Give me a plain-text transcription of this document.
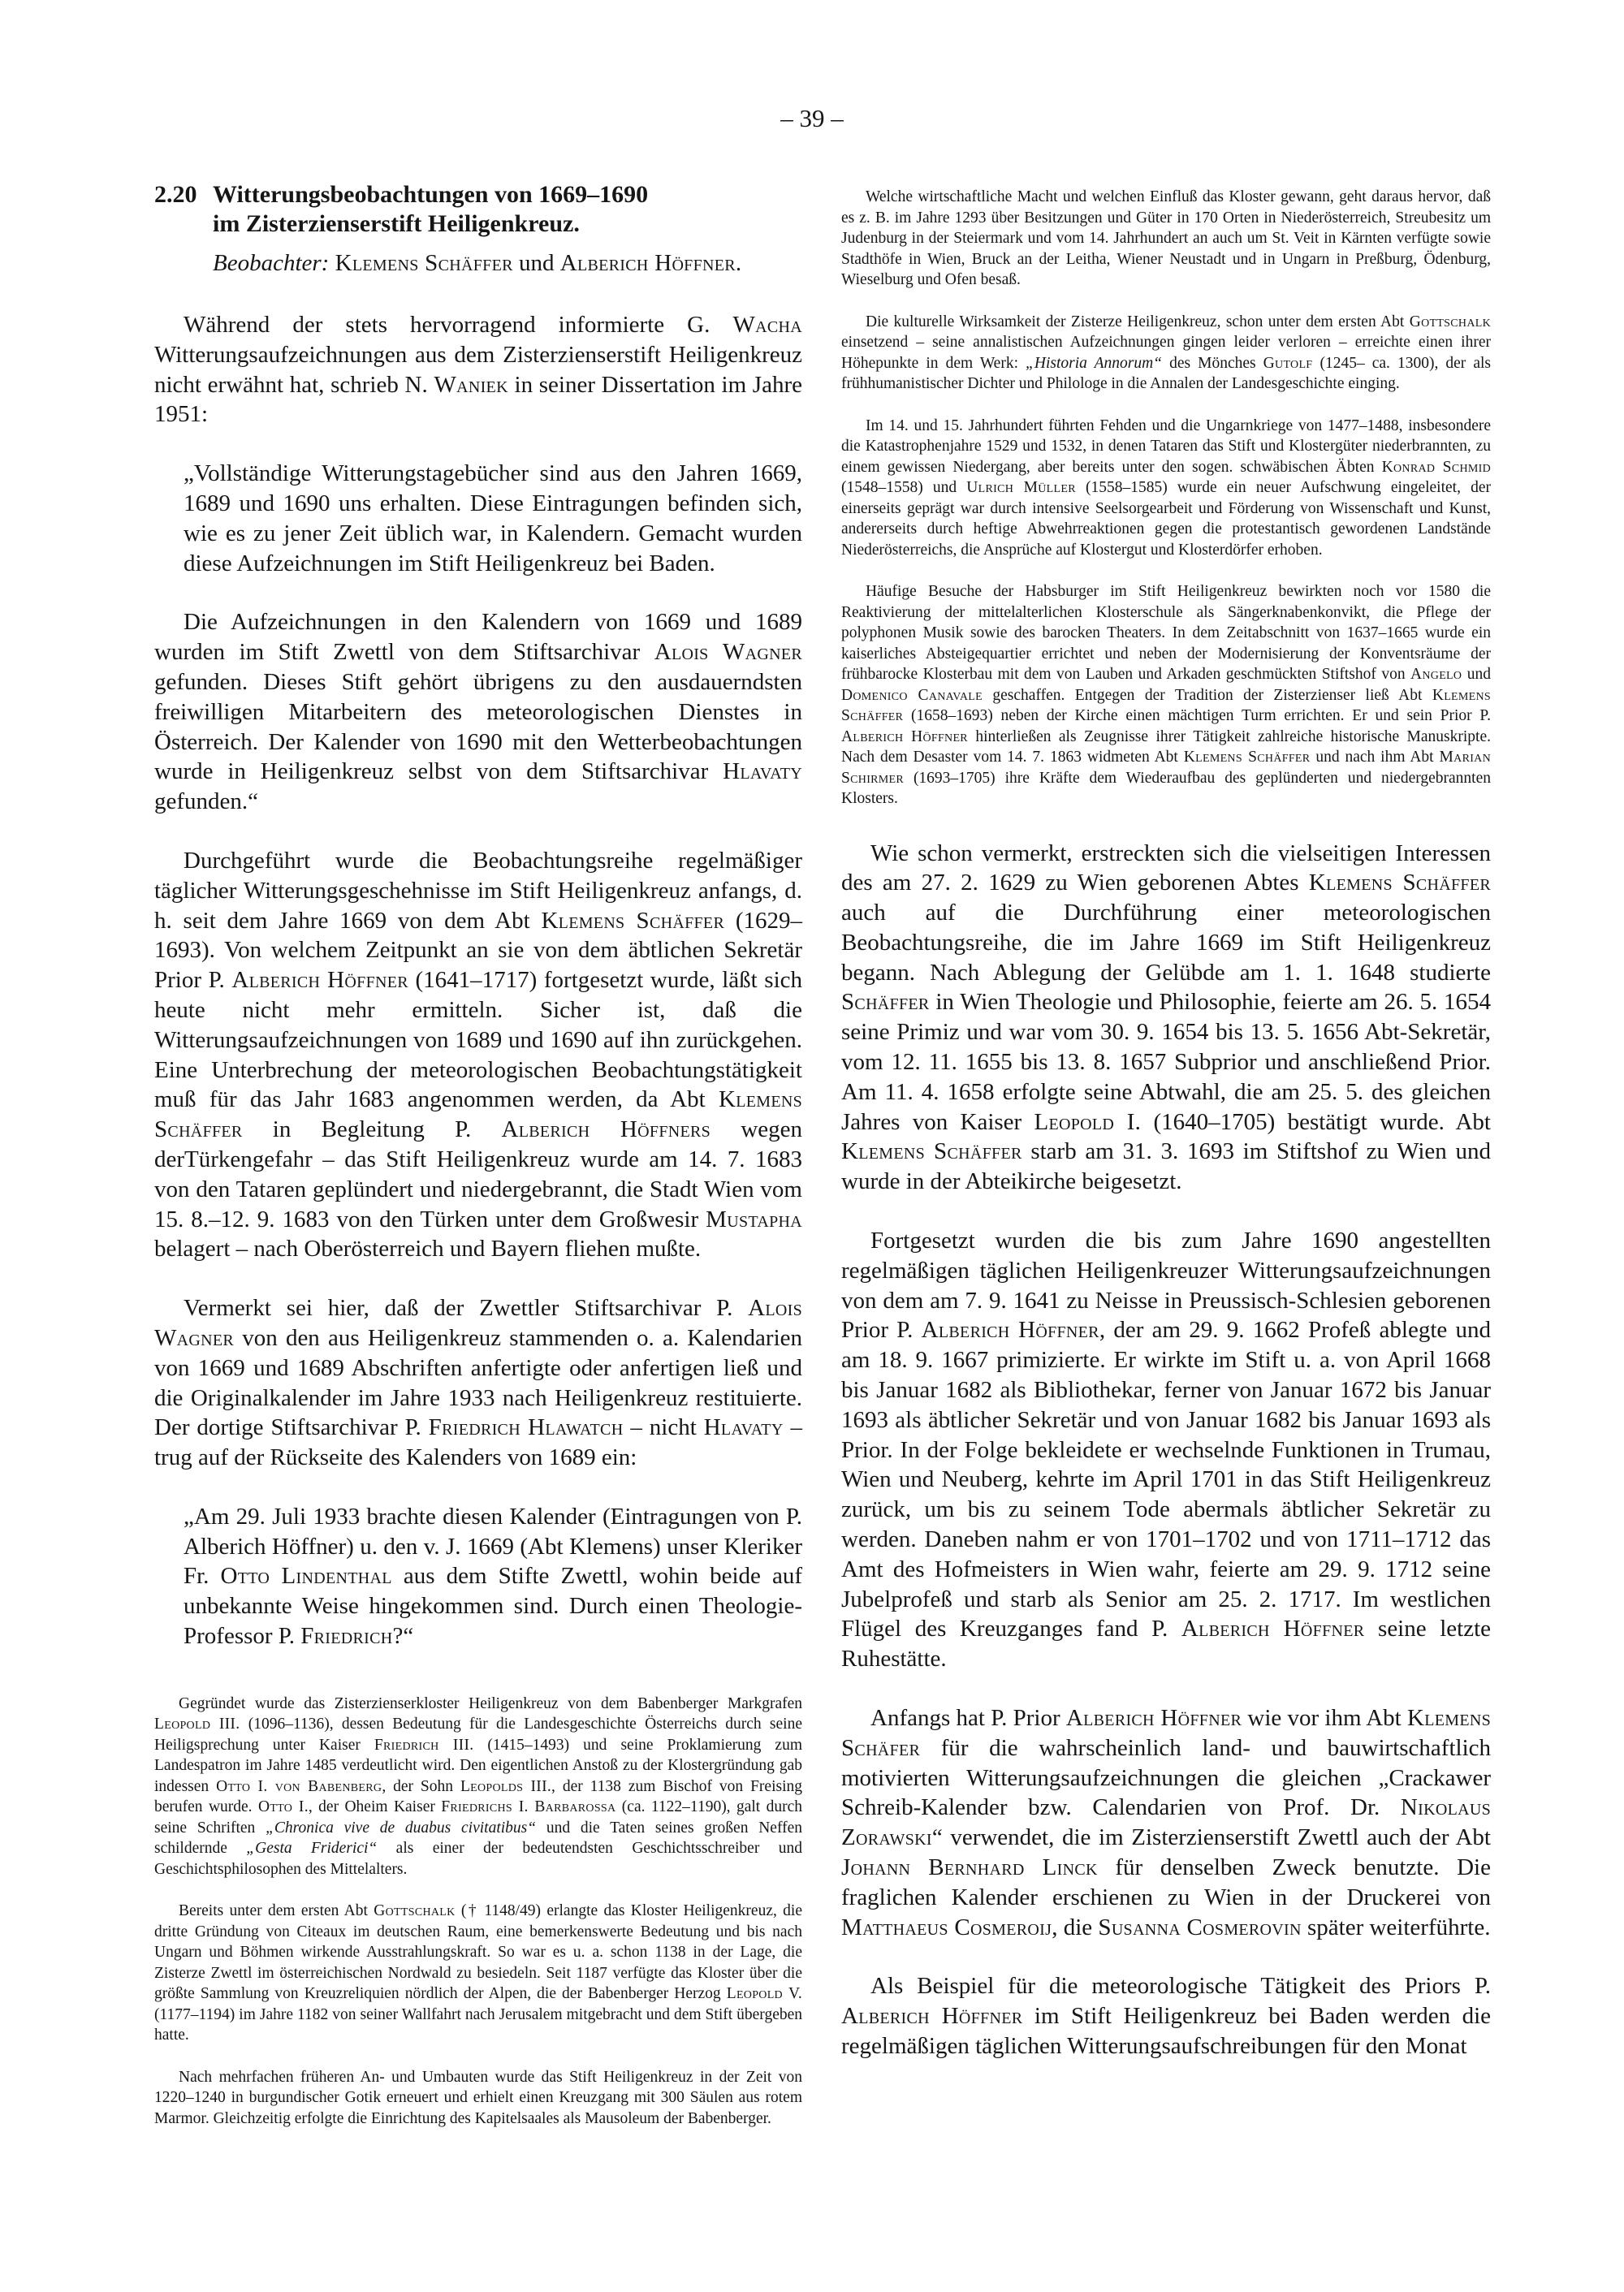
– 39 –
2.20 Witterungsbeobachtungen von 1669–1690
im Zisterzienserstift Heiligenkreuz.
Beobachter: Klemens Schäffer und Alberich Höffner.

Während der stets hervorragend informierte G. Wacha Witterungsaufzeichnungen aus dem Zisterzienserstift Heiligenkreuz nicht erwähnt hat, schrieb N. Waniek in seiner Dissertation im Jahre 1951:

„Vollständige Witterungstagebücher sind aus den Jahren 1669, 1689 und 1690 uns erhalten. Diese Eintragungen befinden sich, wie es zu jener Zeit üblich war, in Kalendern. Gemacht wurden diese Aufzeichnungen im Stift Heiligenkreuz bei Baden.

Die Aufzeichnungen in den Kalendern von 1669 und 1689 wurden im Stift Zwettl von dem Stiftsarchivar Alois Wagner gefunden. Dieses Stift gehört übrigens zu den ausdauerndsten freiwilligen Mitarbeitern des meteorologischen Dienstes in Österreich. Der Kalender von 1690 mit den Wetterbeobachtungen wurde in Heiligenkreuz selbst von dem Stiftsarchivar Hlavaty gefunden.“

Durchgeführt wurde die Beobachtungsreihe regelmäßiger täglicher Witterungsgeschehnisse im Stift Heiligenkreuz anfangs, d. h. seit dem Jahre 1669 von dem Abt Klemens Schäffer (1629–1693). Von welchem Zeitpunkt an sie von dem äbtlichen Sekretär Prior P. Alberich Höffner (1641–1717) fortgesetzt wurde, läßt sich heute nicht mehr ermitteln. Sicher ist, daß die Witterungsaufzeichnungen von 1689 und 1690 auf ihn zurückgehen. Eine Unterbrechung der meteorologischen Beobachtungstätigkeit muß für das Jahr 1683 angenommen werden, da Abt Klemens Schäffer in Begleitung P. Alberich Höffners wegen derTürkengefahr – das Stift Heiligenkreuz wurde am 14. 7. 1683 von den Tataren geplündert und niedergebrannt, die Stadt Wien vom 15. 8.–12. 9. 1683 von den Türken unter dem Großwesir Mustapha belagert – nach Oberösterreich und Bayern fliehen mußte.

Vermerkt sei hier, daß der Zwettler Stiftsarchivar P. Alois Wagner von den aus Heiligenkreuz stammenden o. a. Kalendarien von 1669 und 1689 Abschriften anfertigte oder anfertigen ließ und die Originalkalender im Jahre 1933 nach Heiligenkreuz restituierte. Der dortige Stiftsarchivar P. Friedrich Hlawatch – nicht Hlavaty – trug auf der Rückseite des Kalenders von 1689 ein:

„Am 29. Juli 1933 brachte diesen Kalender (Eintragungen von P. Alberich Höffner) u. den v. J. 1669 (Abt Klemens) unser Kleriker Fr. Otto Lindenthal aus dem Stifte Zwettl, wohin beide auf unbekannte Weise hingekommen sind. Durch einen Theologie-Professor P. Friedrich?“

Gegründet wurde das Zisterzienserkloster Heiligenkreuz von dem Babenberger Markgrafen Leopold III. (1096–1136), dessen Bedeutung für die Landesgeschichte Österreichs durch seine Heiligsprechung unter Kaiser Friedrich III. (1415–1493) und seine Proklamierung zum Landespatron im Jahre 1485 verdeutlicht wird. Den eigentlichen Anstoß zu der Klostergründung gab indessen Otto I. von Babenberg, der Sohn Leopolds III., der 1138 zum Bischof von Freising berufen wurde. Otto I., der Oheim Kaiser Friedrichs I. Barbarossa (ca. 1122–1190), galt durch seine Schriften „Chronica vive de duabus civitatibus“ und die Taten seines großen Neffen schildernde „Gesta Friderici“ als einer der bedeutendsten Geschichtsschreiber und Geschichtsphilosophen des Mittelalters.

Bereits unter dem ersten Abt Gottschalk († 1148/49) erlangte das Kloster Heiligenkreuz, die dritte Gründung von Citeaux im deutschen Raum, eine bemerkenswerte Bedeutung und bis nach Ungarn und Böhmen wirkende Ausstrahlungskraft. So war es u. a. schon 1138 in der Lage, die Zisterze Zwettl im österreichischen Nordwald zu besiedeln. Seit 1187 verfügte das Kloster über die größte Sammlung von Kreuzreliquien nördlich der Alpen, die der Babenberger Herzog Leopold V. (1177–1194) im Jahre 1182 von seiner Wallfahrt nach Jerusalem mitgebracht und dem Stift übergeben hatte.

Nach mehrfachen früheren An- und Umbauten wurde das Stift Heiligenkreuz in der Zeit von 1220–1240 in burgundischer Gotik erneuert und erhielt einen Kreuzgang mit 300 Säulen aus rotem Marmor. Gleichzeitig erfolgte die Einrichtung des Kapitelsaales als Mausoleum der Babenberger.

Welche wirtschaftliche Macht und welchen Einfluß das Kloster gewann, geht daraus hervor, daß es z. B. im Jahre 1293 über Besitzungen und Güter in 170 Orten in Niederösterreich, Streubesitz um Judenburg in der Steiermark und vom 14. Jahrhundert an auch um St. Veit in Kärnten verfügte sowie Stadthöfe in Wien, Bruck an der Leitha, Wiener Neustadt und in Ungarn in Preßburg, Ödenburg, Wieselburg und Ofen besaß.

Die kulturelle Wirksamkeit der Zisterze Heiligenkreuz, schon unter dem ersten Abt Gottschalk einsetzend – seine annalistischen Aufzeichnungen gingen leider verloren – erreichte einen ihrer Höhepunkte in dem Werk: „Historia Annorum“ des Mönches Gutolf (1245– ca. 1300), der als frühhumanistischer Dichter und Philologe in die Annalen der Landesgeschichte einging.

Im 14. und 15. Jahrhundert führten Fehden und die Ungarnkriege von 1477–1488, insbesondere die Katastrophenjahre 1529 und 1532, in denen Tataren das Stift und Klostergüter niederbrannten, zu einem gewissen Niedergang, aber bereits unter den sogen. schwäbischen Äbten Konrad Schmid (1548–1558) und Ulrich Müller (1558–1585) wurde ein neuer Aufschwung eingeleitet, der einerseits geprägt war durch intensive Seelsorgearbeit und Förderung von Wissenschaft und Kunst, andererseits durch heftige Abwehrreaktionen gegen die protestantisch gewordenen Landstände Niederösterreichs, die Ansprüche auf Klostergut und Klosterdörfer erhoben.

Häufige Besuche der Habsburger im Stift Heiligenkreuz bewirkten noch vor 1580 die Reaktivierung der mittelalterlichen Klosterschule als Sängerknabenkonvikt, die Pflege der polyphonen Musik sowie des barocken Theaters. In dem Zeitabschnitt von 1637–1665 wurde ein kaiserliches Absteigequartier errichtet und neben der Modernisierung der Konventsräume der frühbarocke Klosterbau mit dem von Lauben und Arkaden geschmückten Stiftshof von Angelo und Domenico Canavale geschaffen. Entgegen der Tradition der Zisterzienser ließ Abt Klemens Schäffer (1658–1693) neben der Kirche einen mächtigen Turm errichten. Er und sein Prior P. Alberich Höffner hinterließen als Zeugnisse ihrer Tätigkeit zahlreiche historische Manuskripte. Nach dem Desaster vom 14. 7. 1863 widmeten Abt Klemens Schäffer und nach ihm Abt Marian Schirmer (1693–1705) ihre Kräfte dem Wiederaufbau des geplünderten und niedergebrannten Klosters.

Wie schon vermerkt, erstreckten sich die vielseitigen Interessen des am 27. 2. 1629 zu Wien geborenen Abtes Klemens Schäffer auch auf die Durchführung einer meteorologischen Beobachtungsreihe, die im Jahre 1669 im Stift Heiligenkreuz begann. Nach Ablegung der Gelübde am 1. 1. 1648 studierte Schäffer in Wien Theologie und Philosophie, feierte am 26. 5. 1654 seine Primiz und war vom 30. 9. 1654 bis 13. 5. 1656 Abt-Sekretär, vom 12. 11. 1655 bis 13. 8. 1657 Subprior und anschließend Prior. Am 11. 4. 1658 erfolgte seine Abtwahl, die am 25. 5. des gleichen Jahres von Kaiser Leopold I. (1640–1705) bestätigt wurde. Abt Klemens Schäffer starb am 31. 3. 1693 im Stiftshof zu Wien und wurde in der Abteikirche beigesetzt.

Fortgesetzt wurden die bis zum Jahre 1690 angestellten regelmäßigen täglichen Heiligenkreuzer Witterungsaufzeichnungen von dem am 7. 9. 1641 zu Neisse in Preussisch-Schlesien geborenen Prior P. Alberich Höffner, der am 29. 9. 1662 Profeß ablegte und am 18. 9. 1667 primizierte. Er wirkte im Stift u. a. von April 1668 bis Januar 1682 als Bibliothekar, ferner von Januar 1672 bis Januar 1693 als äbtlicher Sekretär und von Januar 1682 bis Januar 1693 als Prior. In der Folge bekleidete er wechselnde Funktionen in Trumau, Wien und Neuberg, kehrte im April 1701 in das Stift Heiligenkreuz zurück, um bis zu seinem Tode abermals äbtlicher Sekretär zu werden. Daneben nahm er von 1701–1702 und von 1711–1712 das Amt des Hofmeisters in Wien wahr, feierte am 29. 9. 1712 seine Jubelprofeß und starb als Senior am 25. 2. 1717. Im westlichen Flügel des Kreuzganges fand P. Alberich Höffner seine letzte Ruhestätte.

Anfangs hat P. Prior Alberich Höffner wie vor ihm Abt Klemens Schäfer für die wahrscheinlich land- und bauwirtschaftlich motivierten Witterungsaufzeichnungen die gleichen „Crackawer Schreib-Kalender bzw. Calendarien von Prof. Dr. Nikolaus Zorawski“ verwendet, die im Zisterzienserstift Zwettl auch der Abt Johann Bernhard Linck für denselben Zweck benutzte. Die fraglichen Kalender erschienen zu Wien in der Druckerei von Matthaeus Cosmeroij, die Susanna Cosmerovin später weiterführte.

Als Beispiel für die meteorologische Tätigkeit des Priors P. Alberich Höffner im Stift Heiligenkreuz bei Baden werden die regelmäßigen täglichen Witterungsaufschreibungen für den Monat
